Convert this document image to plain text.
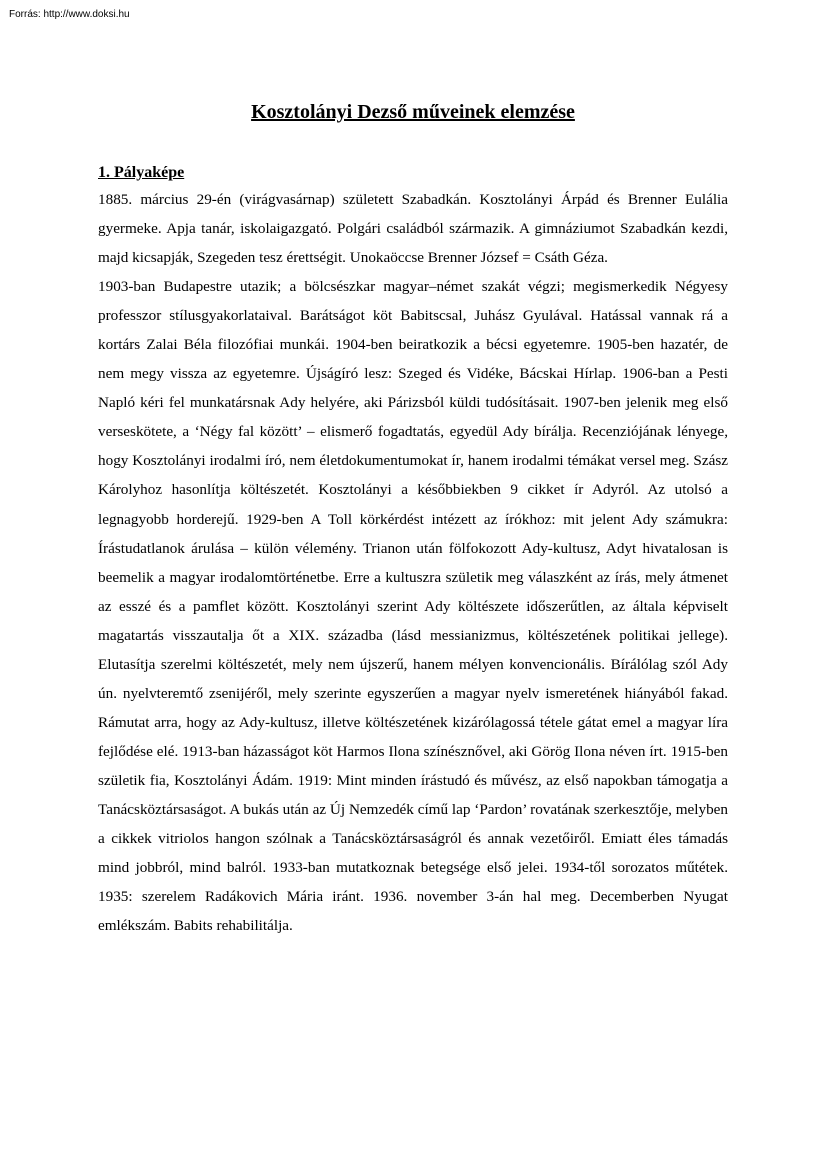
Forrás: http://www.doksi.hu
Kosztolányi Dezső műveinek elemzése
1. Pályaképe

1885. március 29-én (virágvasárnap) született Szabadkán. Kosztolányi Árpád és Brenner Eulália gyermeke. Apja tanár, iskolaigazgató. Polgári családból származik. A gimnáziumot Szabadkán kezdi, majd kicsapják, Szegeden tesz érettségit. Unokaöccse Brenner József = Csáth Géza.

1903-ban Budapestre utazik; a bölcsészkar magyar–német szakát végzi; megismerkedik Négyesy professzor stílusgyakorlataival. Barátságot köt Babitscsal, Juhász Gyulával. Hatással vannak rá a kortárs Zalai Béla filozófiai munkái. 1904-ben beiratkozik a bécsi egyetemre. 1905-ben hazatér, de nem megy vissza az egyetemre. Újságíró lesz: Szeged és Vidéke, Bácskai Hírlap. 1906-ban a Pesti Napló kéri fel munkatársnak Ady helyére, aki Párizsból küldi tudósításait. 1907-ben jelenik meg első verseskötete, a ‘Négy fal között’ – elismerő fogadtatás, egyedül Ady bírálja. Recenziójának lényege, hogy Kosztolányi irodalmi író, nem életdokumentumokat ír, hanem irodalmi témákat versel meg. Szász Károlyhoz hasonlítja költészetét. Kosztolányi a későbbiekben 9 cikket ír Adyról. Az utolsó a legnagyobb horderejű. 1929-ben A Toll körkérdést intézett az írókhoz: mit jelent Ady számukra: Írástudatlanok árulása – külön vélemény. Trianon után fölfokozott Ady-kultusz, Adyt hivatalosan is beemelik a magyar irodalomtörténetbe. Erre a kultuszra születik meg válaszként az írás, mely átmenet az esszé és a pamflet között. Kosztolányi szerint Ady költészete időszerűtlen, az általa képviselt magatartás visszautalja őt a XIX. századba (lásd messianizmus, költészetének politikai jellege). Elutasítja szerelmi költészetét, mely nem újszerű, hanem mélyen konvencionális. Bírálólag szól Ady ún. nyelvteremtő zsenijéről, mely szerinte egyszerűen a magyar nyelv ismeretének hiányából fakad. Rámutat arra, hogy az Ady-kultusz, illetve költészetének kizárólagossá tétele gátat emel a magyar líra fejlődése elé. 1913-ban házasságot köt Harmos Ilona színésznővel, aki Görög Ilona néven írt. 1915-ben születik fia, Kosztolányi Ádám. 1919: Mint minden írástudó és művész, az első napokban támogatja a Tanácsköztársaságot. A bukás után az Új Nemzedék című lap ‘Pardon’ rovatának szerkesztője, melyben a cikkek vitriolos hangon szólnak a Tanácsköztársaságról és annak vezetőiről. Emiatt éles támadás mind jobbról, mind balról. 1933-ban mutatkoznak betegsége első jelei. 1934-től sorozatos műtétek. 1935: szerelem Radákovich Mária iránt. 1936. november 3-án hal meg. Decemberben Nyugat emlékszám. Babits rehabilitálja.
